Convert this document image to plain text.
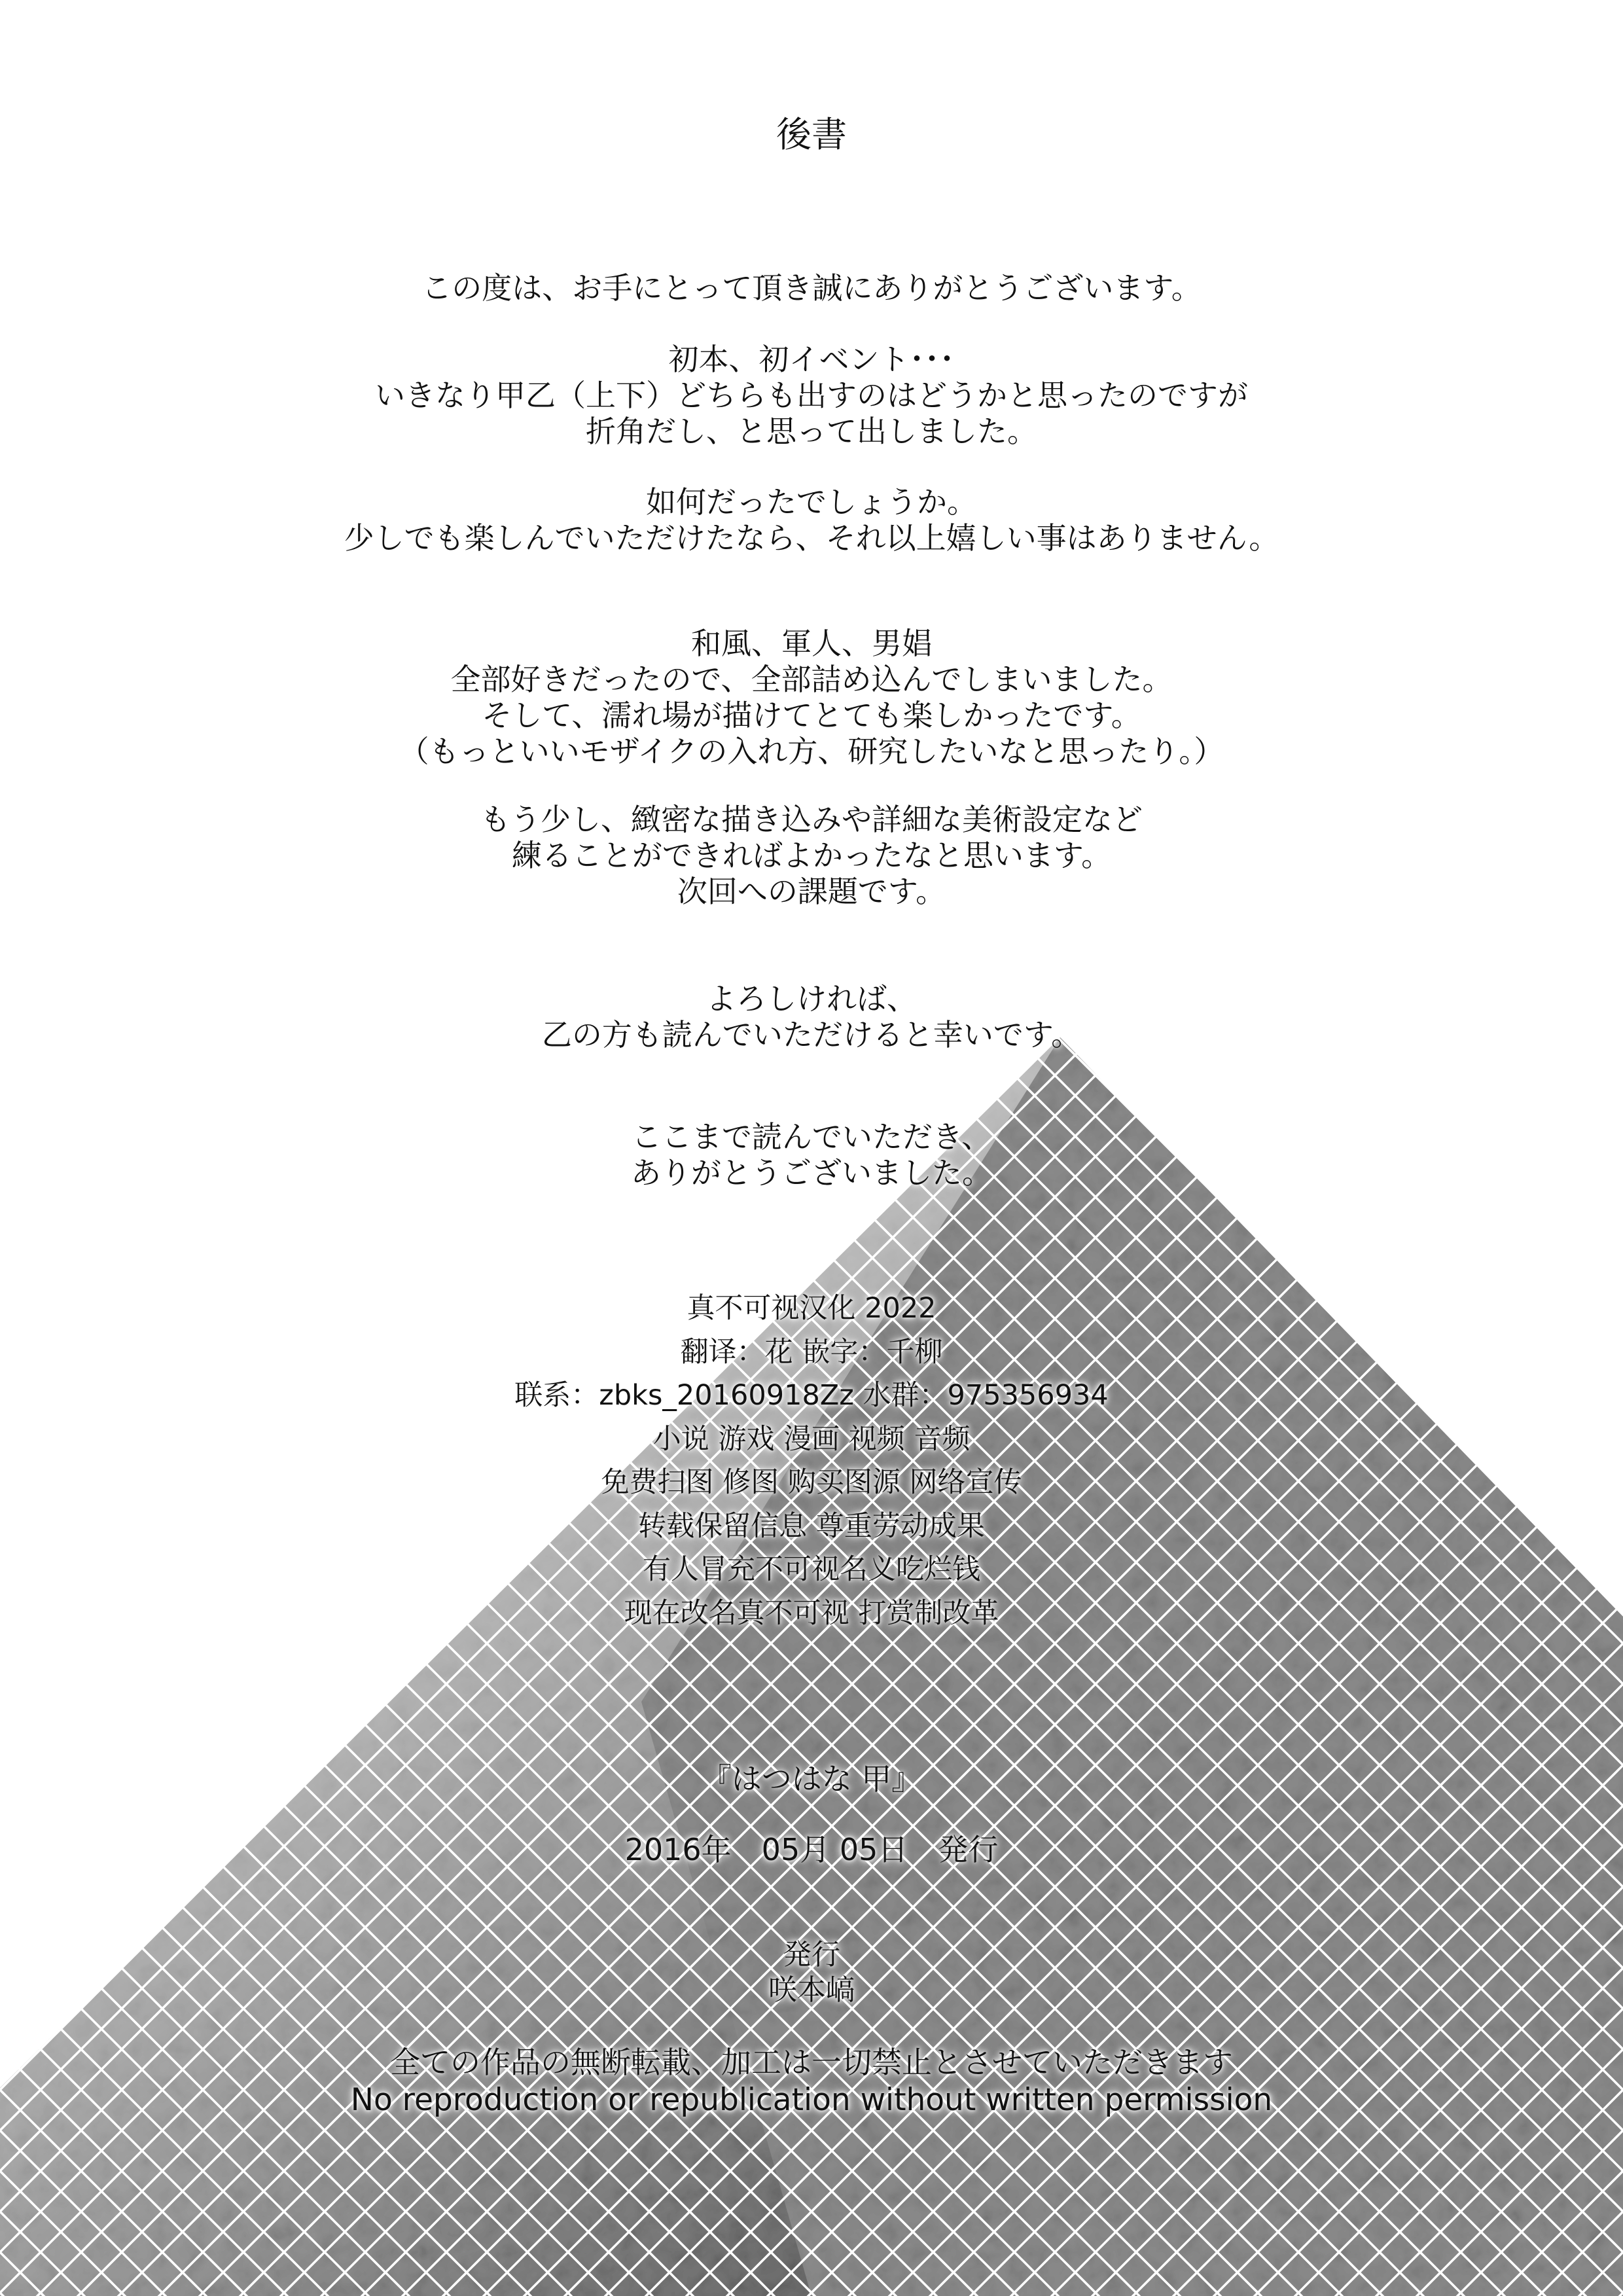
後書
この度は、お手にとって頂き誠にありがとうございます。
初本、初イベント･･･
いきなり甲乙（上下）どちらも出すのはどうかと思ったのですが
折角だし、と思って出しました。
如何だったでしょうか。
少しでも楽しんでいただけたなら、それ以上嬉しい事はありません。
和風、軍人、男娼
全部好きだったので、全部詰め込んでしまいました。
そして、濡れ場が描けてとても楽しかったです。
（もっといいモザイクの入れ方、研究したいなと思ったり。）
もう少し、緻密な描き込みや詳細な美術設定など
練ることができればよかったなと思います。
次回への課題です。
よろしければ、
乙の方も読んでいただけると幸いです。
ここまで読んでいただき、
ありがとうございました。
真不可视汉化 2022
翻译：花 嵌字：千柳
联系：zbks_20160918Zz 水群：975356934
小说 游戏 漫画 视频 音频
免费扫图 修图 购买图源 网络宣传
转载保留信息 尊重劳动成果
有人冒充不可视名义吃烂钱
现在改名真不可视 打赏制改革
『はつはな 甲』
2016年　05月 05日　発行
発行
咲本嵪
全ての作品の無断転載、加工は一切禁止とさせていただきます
No reproduction or republication without written permission
